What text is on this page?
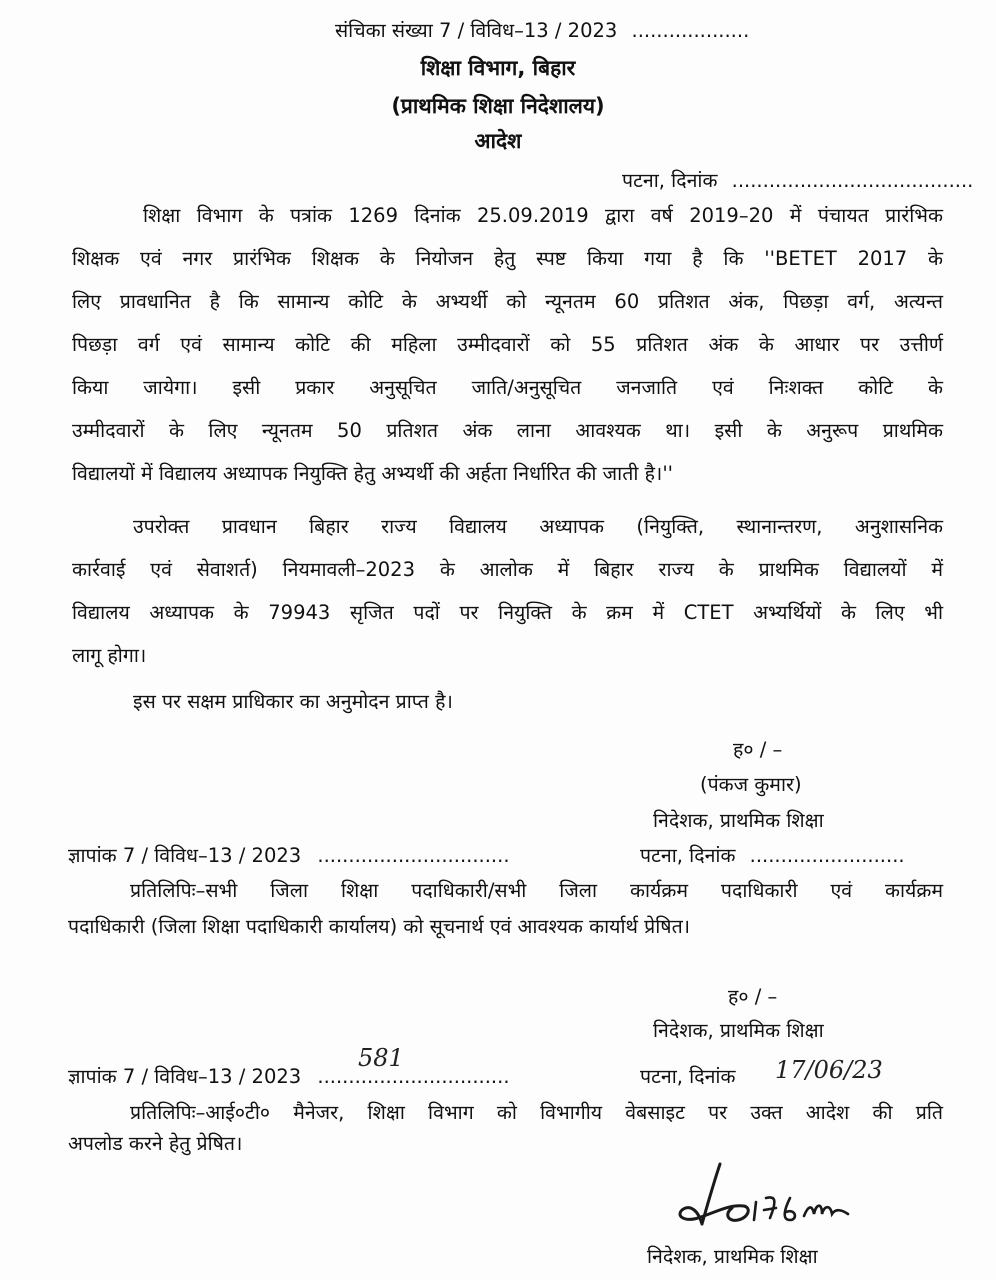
संचिका संख्या 7 / विविध–13 / 2023 ...................
शिक्षा विभाग, बिहार
(प्राथमिक शिक्षा निदेशालय)
आदेश
पटना, दिनांक .......................................
शिक्षा विभाग के पत्रांक 1269 दिनांक 25.09.2019 द्वारा वर्ष 2019–20 में पंचायत प्रारंभिक
शिक्षक एवं नगर प्रारंभिक शिक्षक के नियोजन हेतु स्पष्ट किया गया है कि ''BETET 2017 के
लिए प्रावधानित है कि सामान्य कोटि के अभ्यर्थी को न्यूनतम 60 प्रतिशत अंक, पिछड़ा वर्ग, अत्यन्त
पिछड़ा वर्ग एवं सामान्य कोटि की महिला उम्मीदवारों को 55 प्रतिशत अंक के आधार पर उत्तीर्ण
किया जायेगा। इसी प्रकार अनुसूचित जाति/अनुसूचित जनजाति एवं निःशक्त कोटि के
उम्मीदवारों के लिए न्यूनतम 50 प्रतिशत अंक लाना आवश्यक था। इसी के अनुरूप प्राथमिक
विद्यालयों में विद्यालय अध्यापक नियुक्ति हेतु अभ्यर्थी की अर्हता निर्धारित की जाती है।''
उपरोक्त प्रावधान बिहार राज्य विद्यालय अध्यापक (नियुक्ति, स्थानान्तरण, अनुशासनिक
कार्रवाई एवं सेवाशर्त) नियमावली–2023 के आलोक में बिहार राज्य के प्राथमिक विद्यालयों में
विद्यालय अध्यापक के 79943 सृजित पदों पर नियुक्ति के क्रम में CTET अभ्यर्थियों के लिए भी
लागू होगा।
इस पर सक्षम प्राधिकार का अनुमोदन प्राप्त है।
ह० / –
(पंकज कुमार)
निदेशक, प्राथमिक शिक्षा
ज्ञापांक 7 / विविध–13 / 2023 ...............................	पटना, दिनांक .........................
प्रतिलिपिः–सभी जिला शिक्षा पदाधिकारी/सभी जिला कार्यक्रम पदाधिकारी एवं कार्यक्रम
पदाधिकारी (जिला शिक्षा पदाधिकारी कार्यालय) को सूचनार्थ एवं आवश्यक कार्यार्थ प्रेषित।
ह० / –
निदेशक, प्राथमिक शिक्षा
ज्ञापांक 7 / विविध–13 / 2023 ...............................
581
पटना, दिनांक 17/06/23
प्रतिलिपिः–आई०टी० मैनेजर, शिक्षा विभाग को विभागीय वेबसाइट पर उक्त आदेश की प्रति
अपलोड करने हेतु प्रेषित।
निदेशक, प्राथमिक शिक्षा
